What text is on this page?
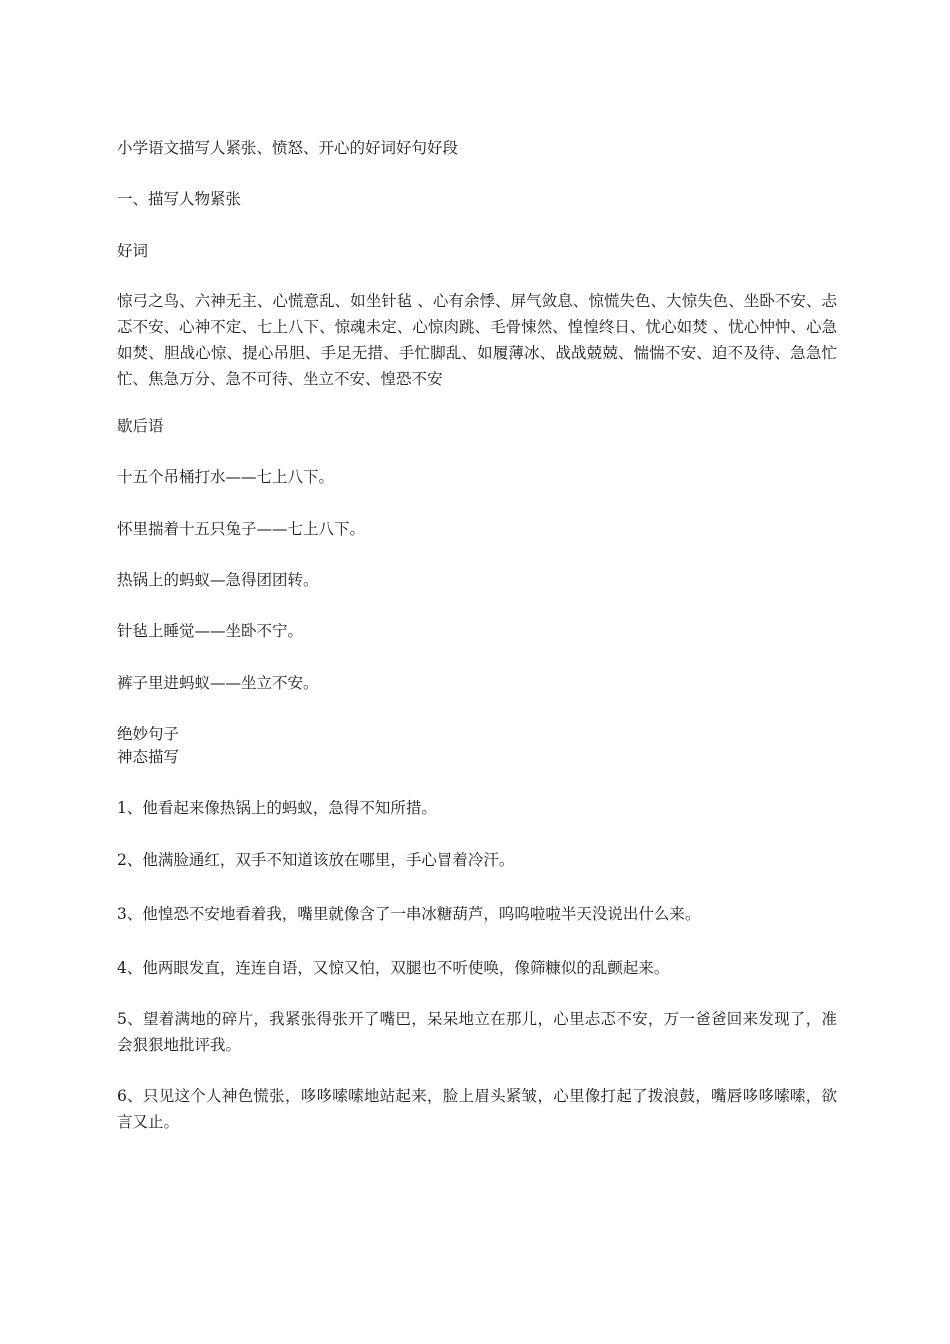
小学语文描写人紧张、愤怒、开心的好词好句好段
一、描写人物紧张
好词
惊弓之鸟、六神无主、心慌意乱、如坐针毡 、心有余悸、屏气敛息、惊慌失色、大惊失色、坐卧不安、忐忑不安、心神不定、七上八下、惊魂未定、心惊肉跳、毛骨悚然、惶惶终日、忧心如焚 、忧心忡忡、心急如焚、胆战心惊、提心吊胆、手足无措、手忙脚乱、如履薄冰、战战兢兢、惴惴不安、迫不及待、急急忙忙、焦急万分、急不可待、坐立不安、惶恐不安
歇后语
十五个吊桶打水——七上八下。
怀里揣着十五只兔子——七上八下。
热锅上的蚂蚁—急得团团转。
针毡上睡觉——坐卧不宁。
裤子里进蚂蚁——坐立不安。
绝妙句子
神态描写
1、他看起来像热锅上的蚂蚁，急得不知所措。
2、他满脸通红，双手不知道该放在哪里，手心冒着冷汗。
3、他惶恐不安地看着我，嘴里就像含了一串冰糖葫芦，呜呜啦啦半天没说出什么来。
4、他两眼发直，连连自语，又惊又怕，双腿也不听使唤，像筛糠似的乱颤起来。
5、望着满地的碎片，我紧张得张开了嘴巴，呆呆地立在那儿，心里忐忑不安，万一爸爸回来发现了，准会狠狠地批评我。
6、只见这个人神色慌张，哆哆嗦嗦地站起来，脸上眉头紧皱，心里像打起了拨浪鼓，嘴唇哆哆嗦嗦，欲言又止。
